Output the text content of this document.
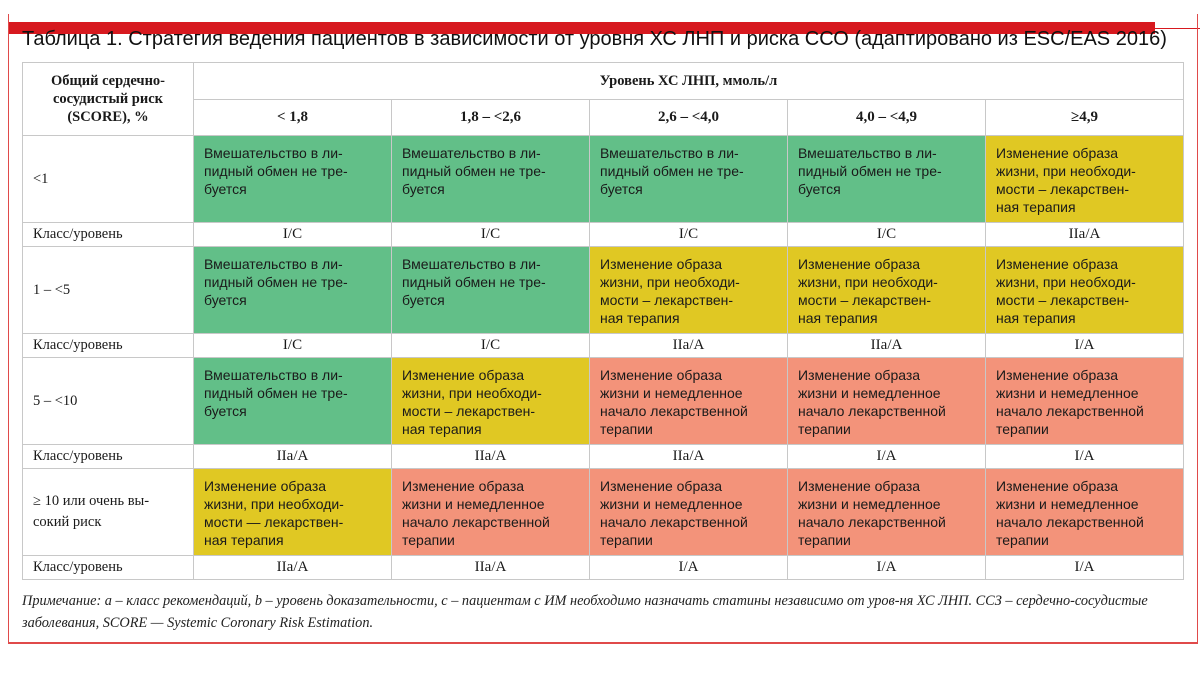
Таблица 1. Стратегия ведения пациентов в зависимости от уровня ХС ЛНП и риска ССО (адаптировано из ESC/EAS 2016)
Общий сердечно-сосудистый риск (SCORE), %	Уровень ХС ЛНП, ммоль/л				
	< 1,8	1,8 – <2,6	2,6 – <4,0	4,0 – <4,9	≥4,9
<1	Вмешательство в ли-
пидный обмен не тре-
буется	Вмешательство в ли-
пидный обмен не тре-
буется	Вмешательство в ли-
пидный обмен не тре-
буется	Вмешательство в ли-
пидный обмен не тре-
буется	Изменение образа
жизни, при необходи-
мости – лекарствен-
ная терапия
Класс/уровень	I/C	I/C	I/C	I/C	IIa/A
1 – <5	Вмешательство в ли-
пидный обмен не тре-
буется	Вмешательство в ли-
пидный обмен не тре-
буется	Изменение образа
жизни, при необходи-
мости – лекарствен-
ная терапия	Изменение образа
жизни, при необходи-
мости – лекарствен-
ная терапия	Изменение образа
жизни, при необходи-
мости – лекарствен-
ная терапия
Класс/уровень	I/C	I/C	IIa/A	IIa/A	I/A
5 – <10	Вмешательство в ли-
пидный обмен не тре-
буется	Изменение образа
жизни, при необходи-
мости – лекарствен-
ная терапия	Изменение образа
жизни и немедленное
начало лекарственной
терапии	Изменение образа
жизни и немедленное
начало лекарственной
терапии	Изменение образа
жизни и немедленное
начало лекарственной
терапии
Класс/уровень	IIa/A	IIa/A	IIa/A	I/A	I/A
≥ 10 или очень вы-
сокий риск	Изменение образа
жизни, при необходи-
мости — лекарствен-
ная терапия	Изменение образа
жизни и немедленное
начало лекарственной
терапии	Изменение образа
жизни и немедленное
начало лекарственной
терапии	Изменение образа
жизни и немедленное
начало лекарственной
терапии	Изменение образа
жизни и немедленное
начало лекарственной
терапии
Класс/уровень	IIa/A	IIa/A	I/A	I/A	I/A
Примечание: a – класс рекомендаций, b – уровень доказательности, c – пациентам с ИМ необходимо назначать статины независимо от уров-ня ХС ЛНП. ССЗ – сердечно-сосудистые заболевания, SCORE — Systemic Coronary Risk Estimation.
